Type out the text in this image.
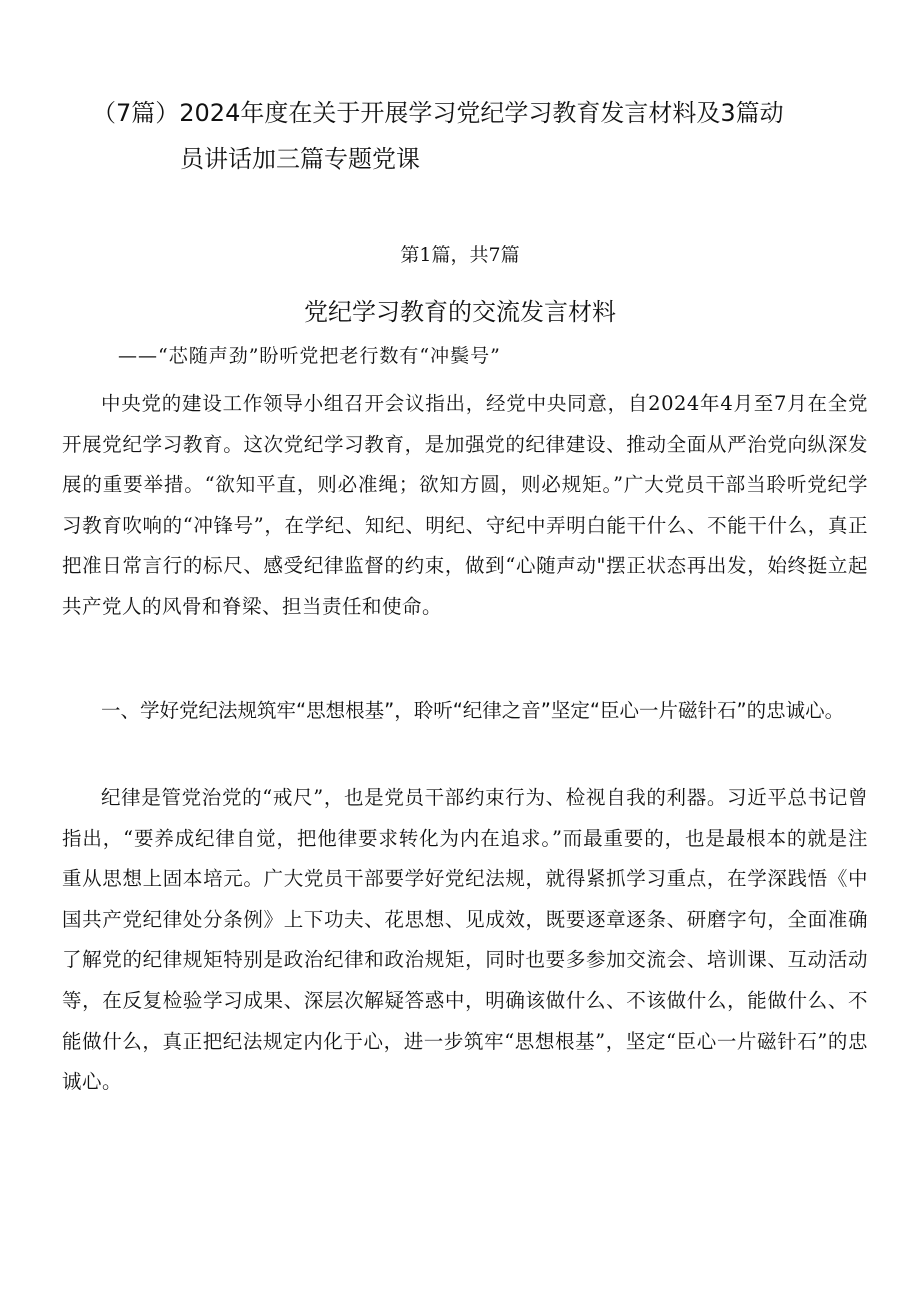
（7篇）2024年度在关于开展学习党纪学习教育发言材料及3篇动
员讲话加三篇专题党课
第1篇，共7篇
党纪学习教育的交流发言材料
——“芯随声劲”盼听党把老行数有“冲鬓号”

中央党的建设工作领导小组召开会议指出，经党中央同意，自2024年4月至7月在全党开展党纪学习教育。这次党纪学习教育，是加强党的纪律建设、推动全面从严治党向纵深发展的重要举措。“欲知平直，则必准绳；欲知方圆，则必规矩。”广大党员干部当聆听党纪学习教育吹响的“冲锋号”，在学纪、知纪、明纪、守纪中弄明白能干什么、不能干什么，真正把准日常言行的标尺、感受纪律监督的约束，做到“心随声动"摆正状态再出发，始终挺立起共产党人的风骨和脊梁、担当责任和使命。

一、学好党纪法规筑牢“思想根基”，聆听“纪律之音”坚定“臣心一片磁针石”的忠诚心。

纪律是管党治党的“戒尺”，也是党员干部约束行为、检视自我的利器。习近平总书记曾指出，“要养成纪律自觉，把他律要求转化为内在追求。”而最重要的，也是最根本的就是注重从思想上固本培元。广大党员干部要学好党纪法规，就得紧抓学习重点，在学深践悟《中国共产党纪律处分条例》上下功夫、花思想、见成效，既要逐章逐条、研磨字句，全面准确了解党的纪律规矩特别是政治纪律和政治规矩，同时也要多参加交流会、培训课、互动活动等，在反复检验学习成果、深层次解疑答惑中，明确该做什么、不该做什么，能做什么、不能做什么，真正把纪法规定内化于心，进一步筑牢“思想根基”，坚定“臣心一片磁针石”的忠诚心。
